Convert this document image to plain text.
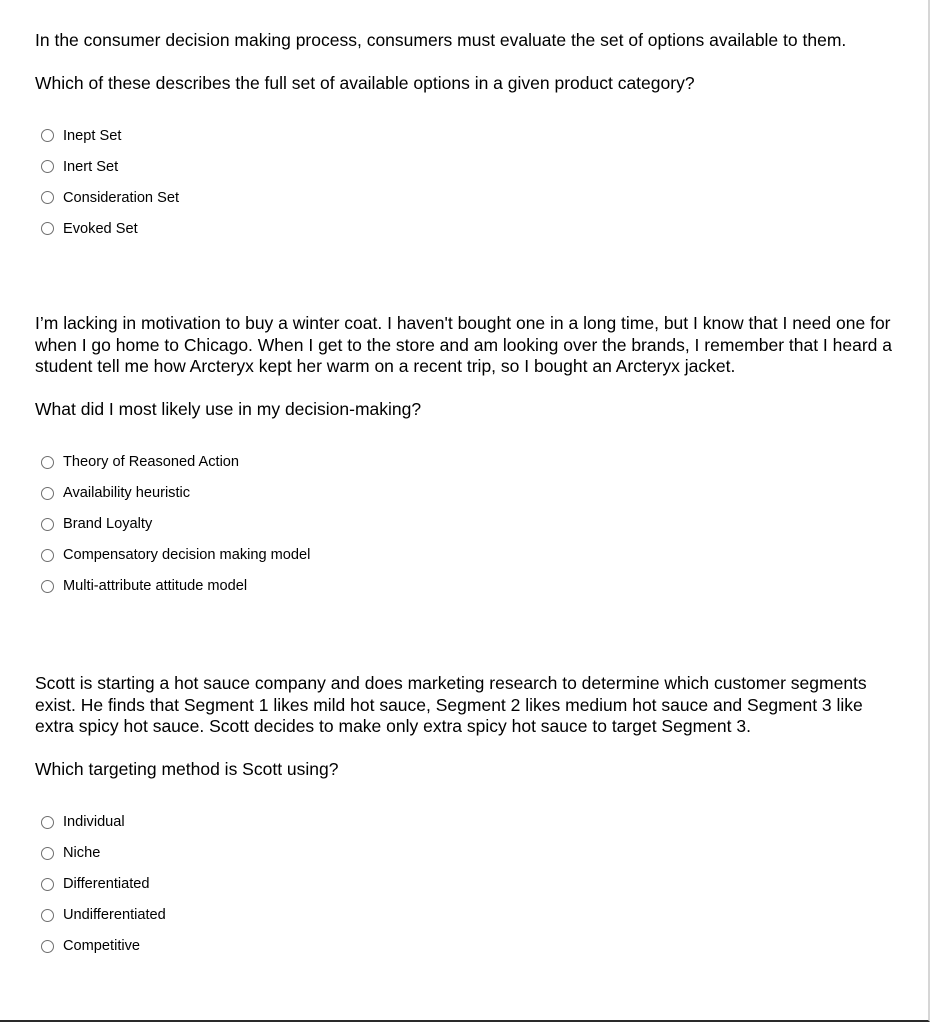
In the consumer decision making process, consumers must evaluate the set of options available to them.

Which of these describes the full set of available options in a given product category?

Inept Set
Inert Set
Consideration Set
Evoked Set

I’m lacking in motivation to buy a winter coat. I haven't bought one in a long time, but I know that I need one for when I go home to Chicago. When I get to the store and am looking over the brands, I remember that I heard a student tell me how Arcteryx kept her warm on a recent trip, so I bought an Arcteryx jacket.

What did I most likely use in my decision-making?

Theory of Reasoned Action
Availability heuristic
Brand Loyalty
Compensatory decision making model
Multi-attribute attitude model

Scott is starting a hot sauce company and does marketing research to determine which customer segments exist. He finds that Segment 1 likes mild hot sauce, Segment 2 likes medium hot sauce and Segment 3 like extra spicy hot sauce. Scott decides to make only extra spicy hot sauce to target Segment 3.

Which targeting method is Scott using?

Individual
Niche
Differentiated
Undifferentiated
Competitive
